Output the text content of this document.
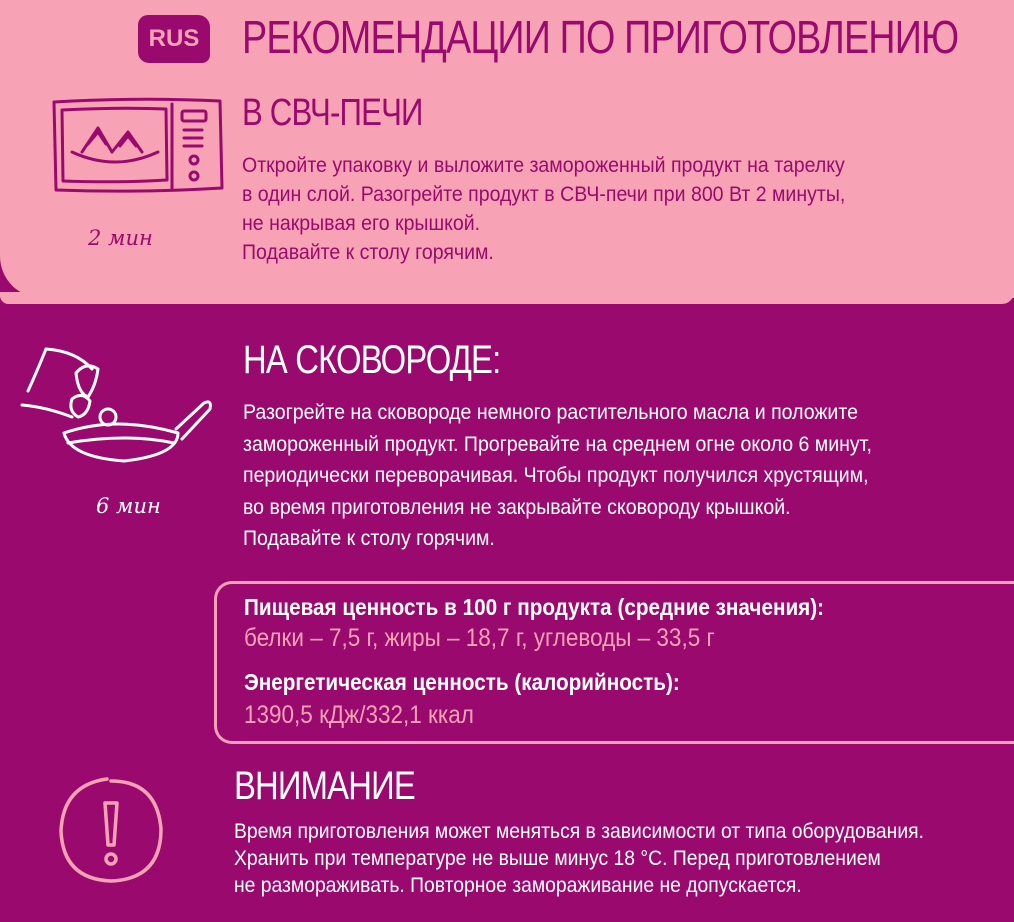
RUS РЕКОМЕНДАЦИИ ПО ПРИГОТОВЛЕНИЮ
2 мин
В СВЧ-ПЕЧИ
Откройте упаковку и выложите замороженный продукт на тарелку
в один слой. Разогрейте продукт в СВЧ-печи при 800 Вт 2 минуты,
не накрывая его крышкой.
Подавайте к столу горячим.
6 мин
НА СКОВОРОДЕ:
Разогрейте на сковороде немного растительного масла и положите
замороженный продукт. Прогревайте на среднем огне около 6 минут,
периодически переворачивая. Чтобы продукт получился хрустящим,
во время приготовления не закрывайте сковороду крышкой.
Подавайте к столу горячим.
Пищевая ценность в 100 г продукта (средние значения):
белки – 7,5 г, жиры – 18,7 г, углеводы – 33,5 г
Энергетическая ценность (калорийность):
1390,5 кДж/332,1 ккал
ВНИМАНИЕ
Время приготовления может меняться в зависимости от типа оборудования.
Хранить при температуре не выше минус 18 °С. Перед приготовлением
не размораживать. Повторное замораживание не допускается.
